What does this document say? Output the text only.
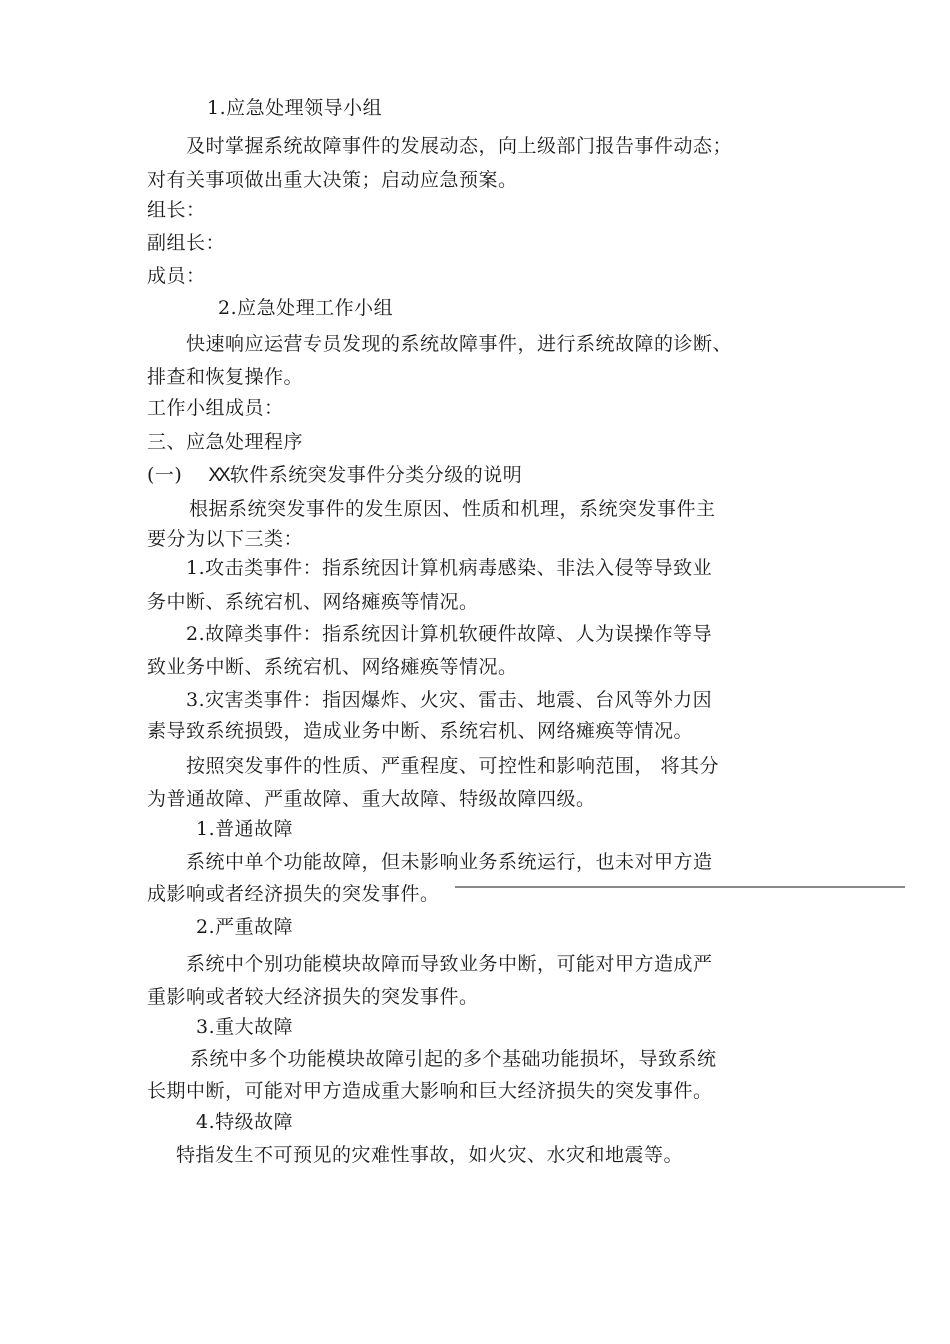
1.应急处理领导小组
及时掌握系统故障事件的发展动态，向上级部门报告事件动态；
对有关事项做出重大决策；启动应急预案。
组长：
副组长：
成员：
2.应急处理工作小组
快速响应运营专员发现的系统故障事件，进行系统故障的诊断、
排查和恢复操作。
工作小组成员：
三、应急处理程序
(一) XX 软件系统突发事件分类分级的说明
根据系统突发事件的发生原因、性质和机理，系统突发事件主
要分为以下三类：
1.攻击类事件：指系统因计算机病毒感染、非法入侵等导致业
务中断、系统宕机、网络瘫痪等情况。
2.故障类事件：指系统因计算机软硬件故障、人为误操作等导
致业务中断、系统宕机、网络瘫痪等情况。
3.灾害类事件：指因爆炸、火灾、雷击、地震、台风等外力因
素导致系统损毁，造成业务中断、系统宕机、网络瘫痪等情况。
按照突发事件的性质、严重程度、可控性和影响范围， 将其分
为普通故障、严重故障、重大故障、特级故障四级。
1.普通故障
系统中单个功能故障，但未影响业务系统运行，也未对甲方造
成影响或者经济损失的突发事件。
2.严重故障
系统中个别功能模块故障而导致业务中断，可能对甲方造成严
重影响或者较大经济损失的突发事件。
3.重大故障
系统中多个功能模块故障引起的多个基础功能损坏，导致系统
长期中断，可能对甲方造成重大影响和巨大经济损失的突发事件。
4.特级故障
特指发生不可预见的灾难性事故，如火灾、水灾和地震等。
